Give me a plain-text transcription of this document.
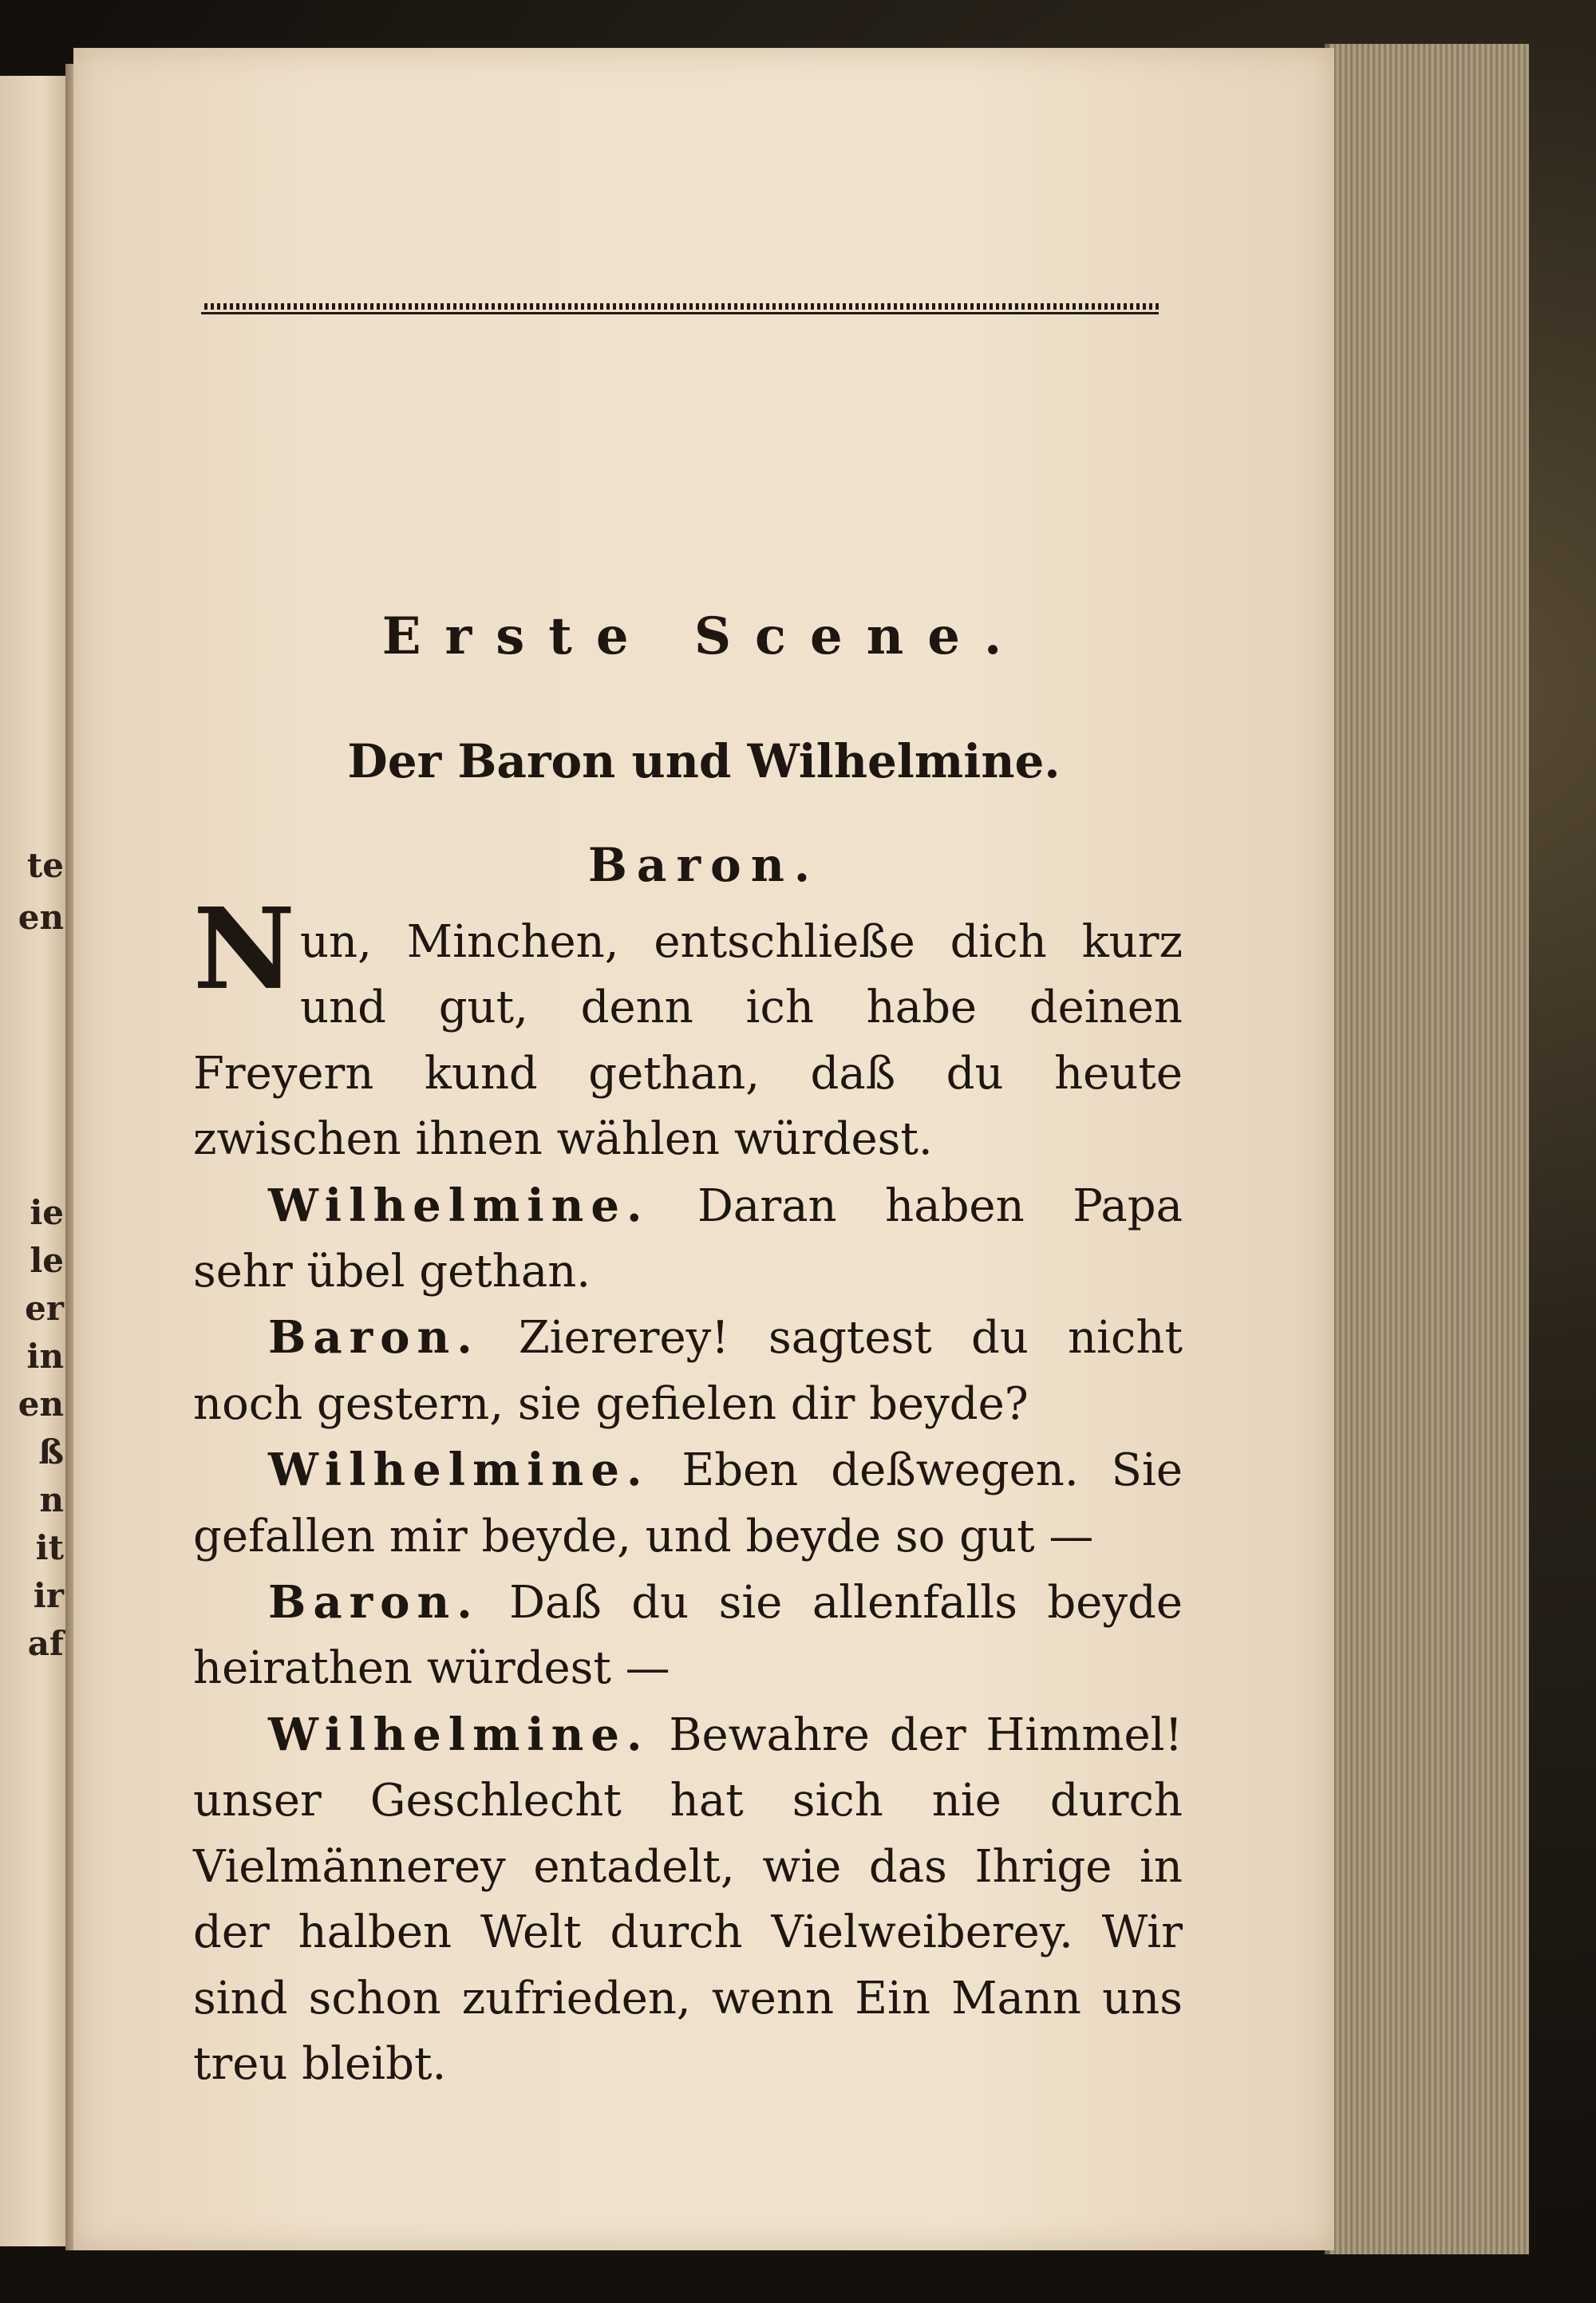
te
en
ie
le
er
in
en
ß
n
it
ir
af
Erste Scene.
Der Baron und Wilhelmine.
Baron.

Nun, Minchen, entschließe dich kurz und gut, denn ich habe deinen Freyern kund gethan, daß du heute zwischen ihnen wählen würdest.

Wilhelmine. Daran haben Papa sehr übel gethan.

Baron. Ziererey! sagtest du nicht noch gestern, sie gefielen dir beyde?

Wilhelmine. Eben deßwegen. Sie gefallen mir beyde, und beyde so gut —

Baron. Daß du sie allenfalls beyde heirathen würdest —

Wilhelmine. Bewahre der Himmel! unser Geschlecht hat sich nie durch Vielmännerey entadelt, wie das Ihrige in der halben Welt durch Vielweiberey. Wir sind schon zufrieden, wenn Ein Mann uns treu bleibt.
